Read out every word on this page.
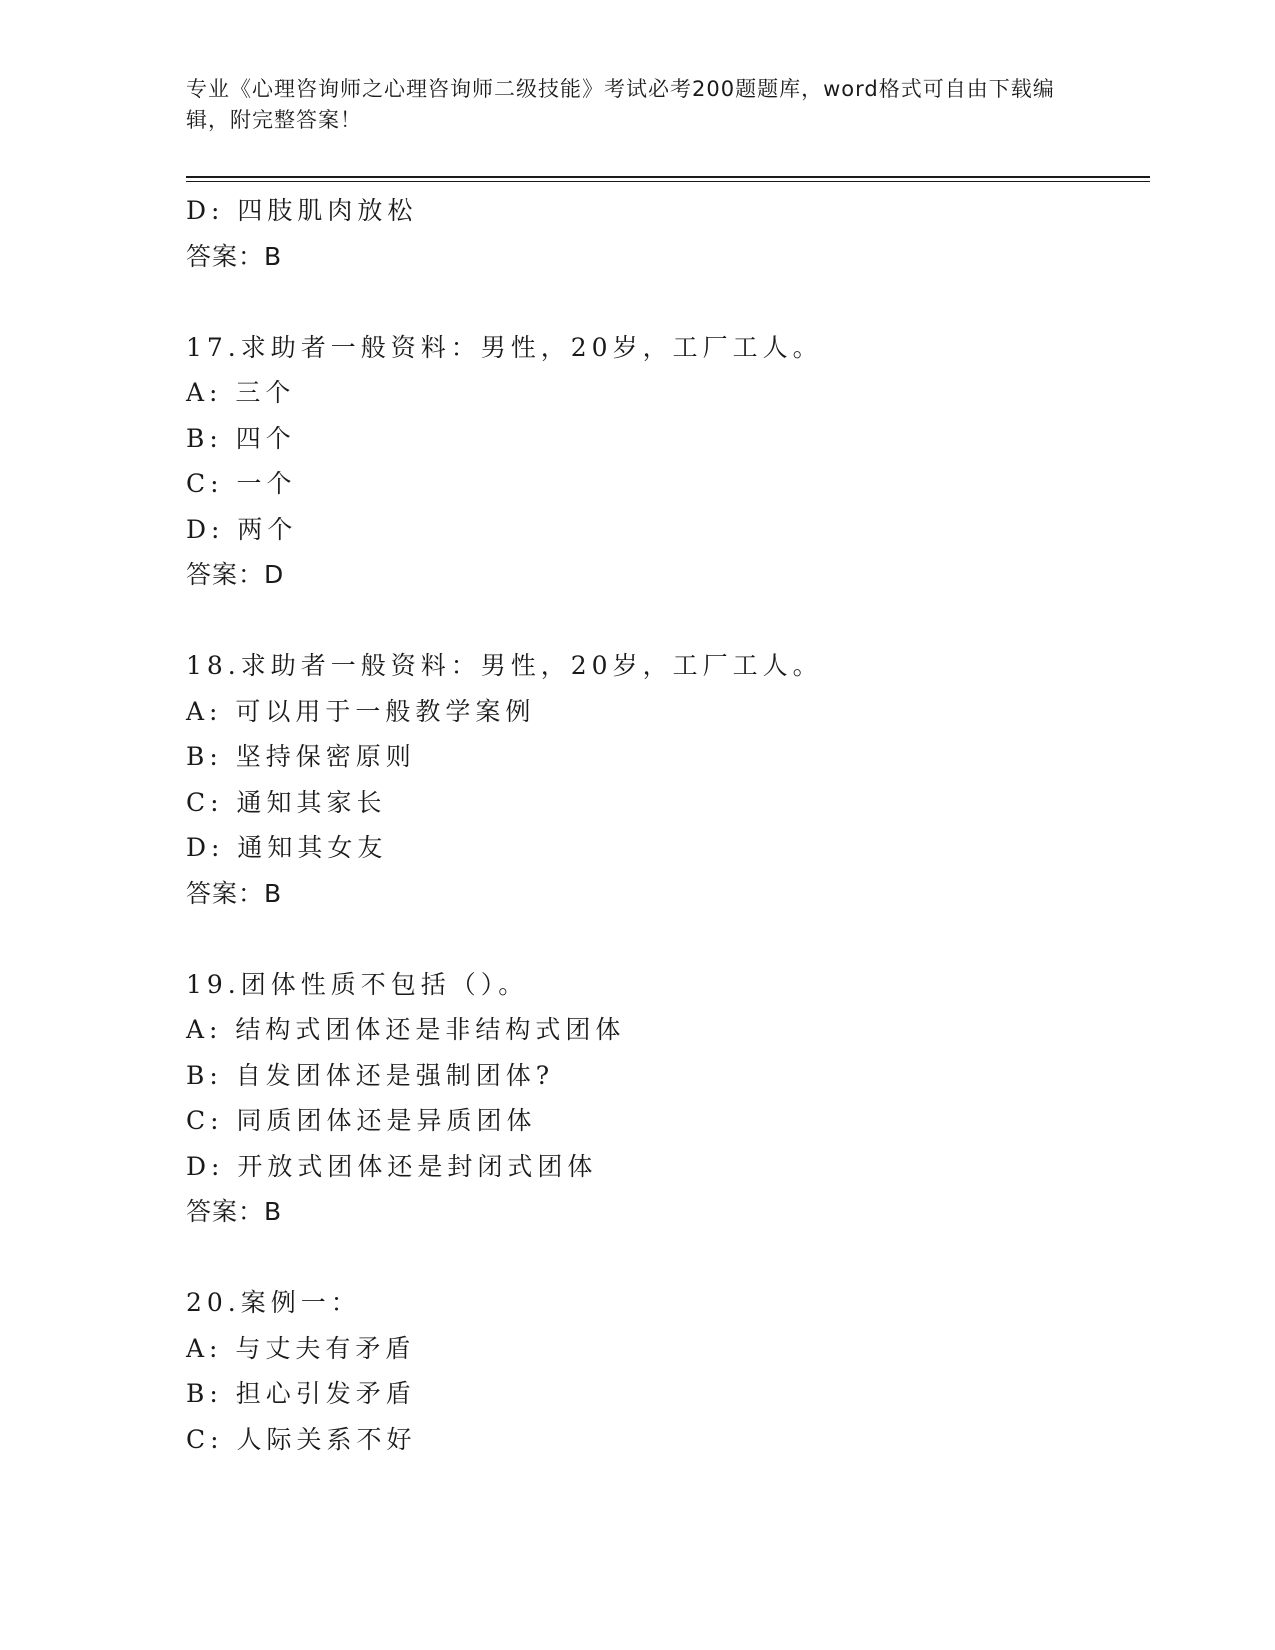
专业《心理咨询师之心理咨询师二级技能》考试必考200题题库，word格式可自由下载编辑，附完整答案！
D: 四肢肌肉放松
答案：B
17.求助者一般资料：男性，20岁，工厂工人。
A: 三个
B: 四个
C: 一个
D: 两个
答案：D
18.求助者一般资料：男性，20岁，工厂工人。
A: 可以用于一般教学案例
B: 坚持保密原则
C: 通知其家长
D: 通知其女友
答案：B
19.团体性质不包括（）。
A: 结构式团体还是非结构式团体
B: 自发团体还是强制团体?
C: 同质团体还是异质团体
D: 开放式团体还是封闭式团体
答案：B
20.案例一：
A: 与丈夫有矛盾
B: 担心引发矛盾
C: 人际关系不好
